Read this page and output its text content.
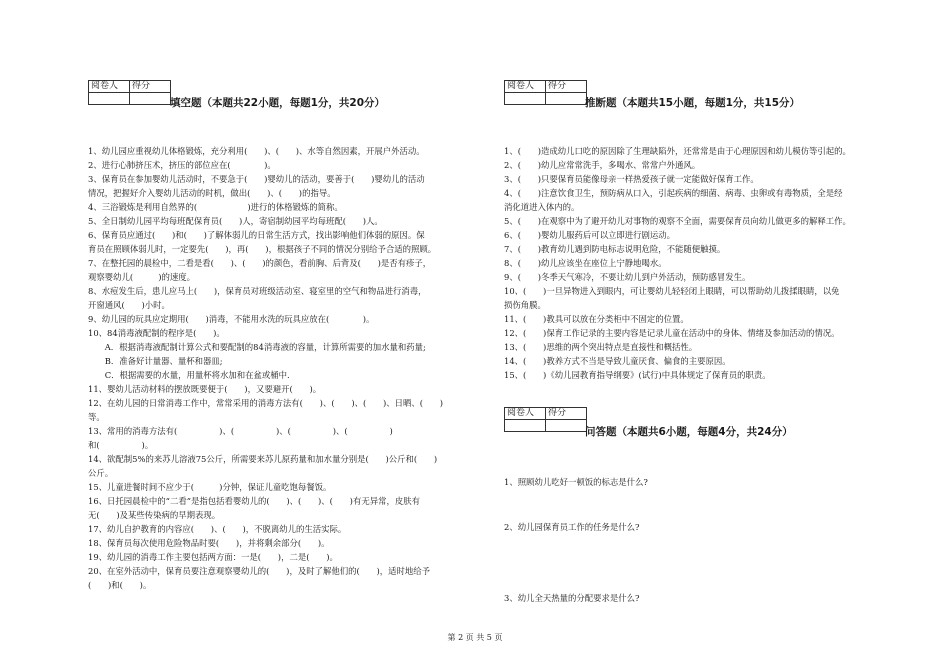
阅卷人	得分

填空题（本题共22小题，每题1分，共20分）
1、幼儿园应重视幼儿体格锻炼，充分利用(　　)、(　　)、水等自然因素，开展户外活动。
2、进行心肺挤压术，挤压的部位应在(　　　　)。
3、保育员在参加婴幼儿活动时，不要急于(　　)婴幼儿的活动，要善于(　　)婴幼儿的活动
情况，把握好介入婴幼儿活动的时机，做出(　　)、(　　)的指导。
4、三浴锻炼是利用自然界的(　　　　　　)进行的体格锻炼的简称。
5、全日制幼儿园平均每班配保育员(　　)人，寄宿制幼园平均每班配(　　)人。
6、保育员应通过(　　)和(　　)了解体弱儿的日常生活方式，找出影响他们体弱的原因。保
育员在照顾体弱儿时，一定要先(　　)，再(　　)，根据孩子不同的情况分别给予合适的照顾。
7、在整托园的晨检中，二看是看(　　)、(　　)的颜色，看前胸、后背及(　　)是否有疹子，
观察婴幼儿(　　　)的速度。
8、水痘发生后，患儿应马上(　　)，保育员对班级活动室、寝室里的空气和物品进行消毒，
开窗通风(　　)小时。
9、幼儿园的玩具应定期用(　　)消毒，不能用水洗的玩具应放在(　　　　)。
10、84消毒液配制的程序是(　　)。
　　A．根据消毒液配制计算公式和要配制的84消毒液的容量，计算所需要的加水量和药量;
　　B．准备好计量器、量杯和器皿;
　　C．根据需要的水量，用量杯将水加和在盆或桶中.
11、婴幼儿活动材料的摆放既要便于(　　)，又要避开(　　)。
12、在幼儿园的日常消毒工作中，常常采用的消毒方法有(　　)、(　　)、(　　)、日晒、(　　)
等。
13、常用的消毒方法有(　　　　　)、(　　　　　)、(　　　　　)、(　　　　　)
和(　　　　　)。
14、欲配制5%的来苏儿溶液75公斤，所需要来苏儿原药量和加水量分别是(　　)公斤和(　　)
公斤。
15、儿童进餐时间不应少于(　　　)分钟，保证儿童吃饱每餐饭。
16、日托园晨检中的“二看”是指包括看婴幼儿的(　　)、(　　)、(　　)有无异常，皮肤有
无(　　)及某些传染病的早期表现。
17、幼儿自护教育的内容应(　　)、(　　)，不脱离幼儿的生活实际。
18、保育员每次使用危险物品时要(　　)，并将剩余部分(　　)。
19、幼儿园的消毒工作主要包括两方面：一是(　　)，二是(　　)。
20、在室外活动中，保育员要注意观察婴幼儿的(　　)，及时了解他们的(　　)，适时地给予
(　　)和(　　)。
阅卷人	得分

推断题（本题共15小题，每题1分，共15分）
1、(　　)造成幼儿口吃的原因除了生理缺陷外，还常常是由于心理原因和幼儿模仿等引起的。
2、(　　)幼儿应常常洗手，多喝水、常常户外通风。
3、(　　)只要保育员能像母亲一样热爱孩子就一定能做好保育工作。
4、(　　)注意饮食卫生，预防病从口入，引起疾病的细菌、病毒、虫卵或有毒物质，全是经
消化道进入体内的。
5、(　　)在观察中为了避开幼儿对事物的观察不全面，需要保育员向幼儿做更多的解释工作。
6、(　　)婴幼儿服药后可以立即进行剧运动。
7、(　　)教育幼儿遇到防电标志说明危险，不能随便触摸。
8、(　　)幼儿应该坐在座位上宁静地喝水。
9、(　　)冬季天气寒冷，不要让幼儿到户外活动，预防感冒发生。
10、(　　)一旦异物进入到眼内，可让婴幼儿轻轻闭上眼睛，可以帮助幼儿拨揉眼睛，以免
损伤角膜。
11、(　　)教具可以放在分类柜中不固定的位置。
12、(　　)保育工作记录的主要内容是记录儿童在活动中的身体、情绪及参加活动的情况。
13、(　　)思维的两个突出特点是直接性和概括性。
14、(　　)教养方式不当是导致儿童厌食、偏食的主要原因。
15、(　　)《幼儿园教育指导纲要》(试行)中具体规定了保育员的职责。
阅卷人	得分

问答题（本题共6小题，每题4分，共24分）
1、照顾幼儿吃好一顿饭的标志是什么?
2、幼儿园保育员工作的任务是什么?
3、幼儿全天热量的分配要求是什么?
第 2 页 共 5 页
